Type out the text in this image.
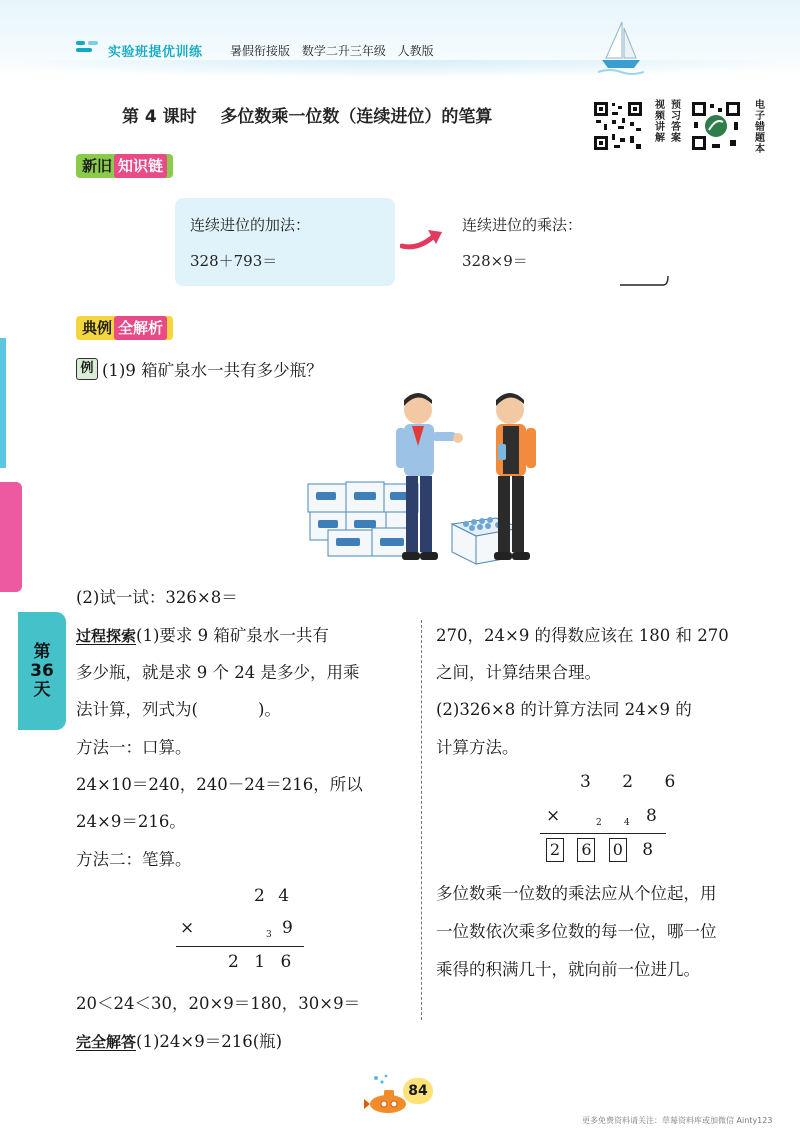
实验班提优训练 暑假衔接版 数学二升三年级 人教版
第 4 课时    多位数乘一位数（连续进位）的笔算
视频讲解
预习答案
电子错题本
新旧 知识链
连续进位的加法：
328＋793＝
连续进位的乘法：
328×9＝
典例 全解析
例 (1)9 箱矿泉水一共有多少瓶？
(2)试一试：326×8＝
第
36
天
过程探索(1)要求 9 箱矿泉水一共有
多少瓶，就是求 9 个 24 是多少，用乘
法计算，列式为(	)。
方法一：口算。
24×10＝240，240－24＝216，所以
24×9＝216。
方法二：笔算。
2 4
×	3 9
2 1 6
20＜24＜30，20×9＝180，30×9＝
完全解答(1)24×9＝216(瓶)
270，24×9 的得数应该在 180 和 270
之间，计算结果合理。
(2)326×8 的计算方法同 24×9 的
计算方法。
3 2 6
×	2 4 8
2 6 0 8
多位数乘一位数的乘法应从个位起，用
一位数依次乘多位数的每一位，哪一位
乘得的积满几十，就向前一位进几。
84
更多免费资料请关注：草莓资料库或加微信 Ainty123
